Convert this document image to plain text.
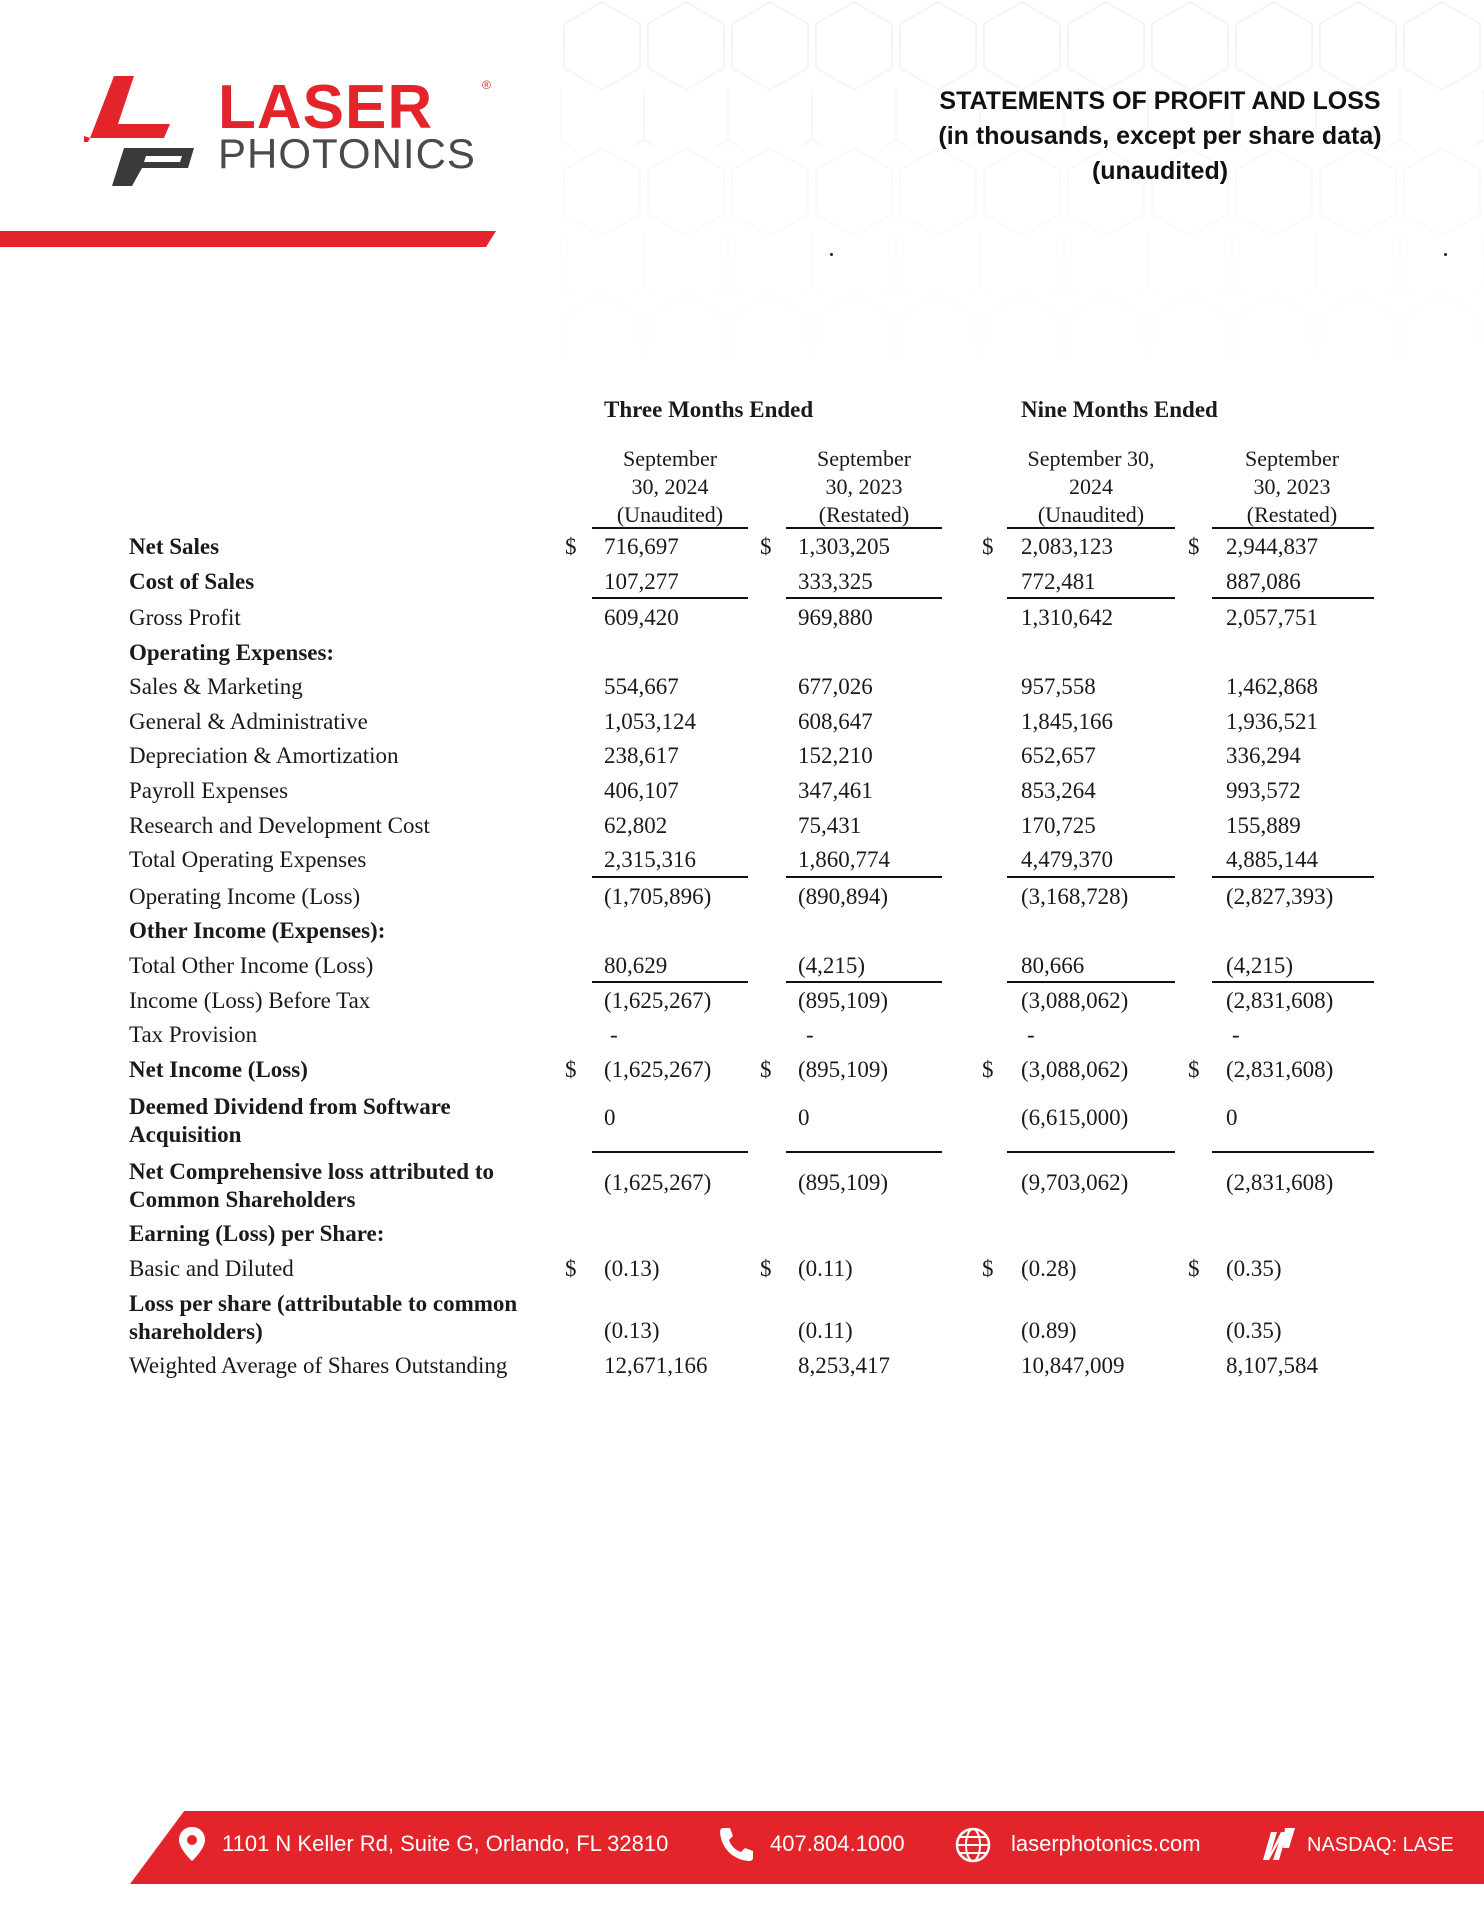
LASER	®
PHOTONICS
STATEMENTS OF PROFIT AND LOSS
(in thousands, except per share data)
(unaudited)
Three Months Ended	Nine Months Ended
September
30, 2024
(Unaudited)
September
30, 2023
(Restated)
September 30,
2024
(Unaudited)
September
30, 2023
(Restated)
Net Sales	$ 716,697	$ 1,303,205	$ 2,083,123	$ 2,944,837
Cost of Sales	107,277	333,325	772,481	887,086
Gross Profit	609,420	969,880	1,310,642	2,057,751
Operating Expenses:
Sales & Marketing	554,667	677,026	957,558	1,462,868
General & Administrative	1,053,124	608,647	1,845,166	1,936,521
Depreciation & Amortization	238,617	152,210	652,657	336,294
Payroll Expenses	406,107	347,461	853,264	993,572
Research and Development Cost	62,802	75,431	170,725	155,889
Total Operating Expenses	2,315,316	1,860,774	4,479,370	4,885,144
Operating Income (Loss)	(1,705,896)	(890,894)	(3,168,728)	(2,827,393)
Other Income (Expenses):
Total Other Income (Loss)	80,629	(4,215)	80,666	(4,215)
Income (Loss) Before Tax	(1,625,267)	(895,109)	(3,088,062)	(2,831,608)
Tax Provision	-	-	-	-
Net Income (Loss)	$ (1,625,267) $ (895,109)	$ (3,088,062)	$ (2,831,608)
Deemed Dividend from Software
Acquisition
0	0	(6,615,000)	0
Net Comprehensive loss attributed to
Common Shareholders
(1,625,267)	(895,109)	(9,703,062)	(2,831,608)
Earning (Loss) per Share:
Basic and Diluted	$ (0.13)	$ (0.11)	$ (0.28)	$ (0.35)
Loss per share (attributable to common
shareholders)	(0.13)	(0.11)	(0.89)	(0.35)
Weighted Average of Shares Outstanding	12,671,166	8,253,417	10,847,009	8,107,584
1101 N Keller Rd, Suite G, Orlando, FL 32810	407.804.1000	laserphotonics.com	NASDAQ: LASE
